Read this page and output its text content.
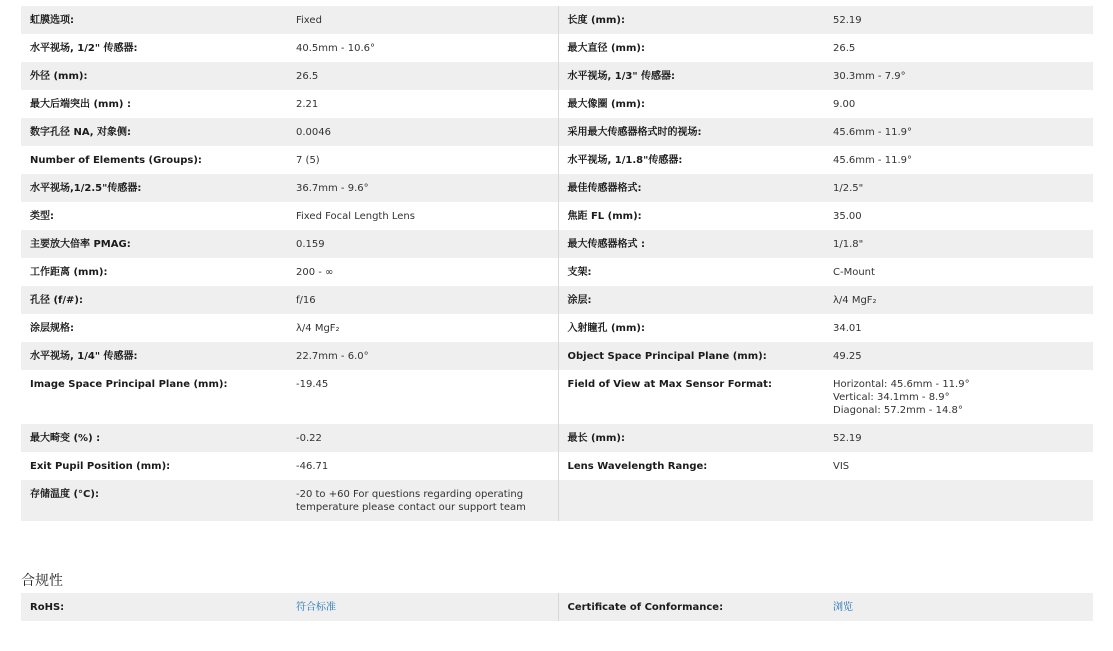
虹膜选项:	Fixed	长度 (mm):	52.19
水平视场, 1/2" 传感器:	40.5mm - 10.6°	最大直径 (mm):	26.5
外径 (mm):	26.5	水平视场, 1/3" 传感器:	30.3mm - 7.9°
最大后端突出 (mm) :	2.21	最大像圈 (mm):	9.00
数字孔径 NA, 对象侧:	0.0046	采用最大传感器格式时的视场:	45.6mm - 11.9°
Number of Elements (Groups):	7 (5)	水平视场, 1/1.8"传感器:	45.6mm - 11.9°
水平视场,1/2.5"传感器:	36.7mm - 9.6°	最佳传感器格式:	1/2.5"
类型:	Fixed Focal Length Lens	焦距 FL (mm):	35.00
主要放大倍率 PMAG:	0.159	最大传感器格式 :	1/1.8"
工作距离 (mm):	200 - ∞	支架:	C-Mount
孔径 (f/#):	f/16	涂层:	λ/4 MgF₂
涂层规格:	λ/4 MgF₂	入射瞳孔 (mm):	34.01
水平视场, 1/4" 传感器:	22.7mm - 6.0°	Object Space Principal Plane (mm):	49.25
Image Space Principal Plane (mm):	-19.45	Field of View at Max Sensor Format:	Horizontal: 45.6mm - 11.9°
Vertical: 34.1mm - 8.9°
Diagonal: 57.2mm - 14.8°
最大畸变 (%) :	-0.22	最长 (mm):	52.19
Exit Pupil Position (mm):	-46.71	Lens Wavelength Range:	VIS
存储温度 (°C):	-20 to +60 For questions regarding operating temperature please contact our support team		
合规性
RoHS:	符合标准	Certificate of Conformance:	浏览
